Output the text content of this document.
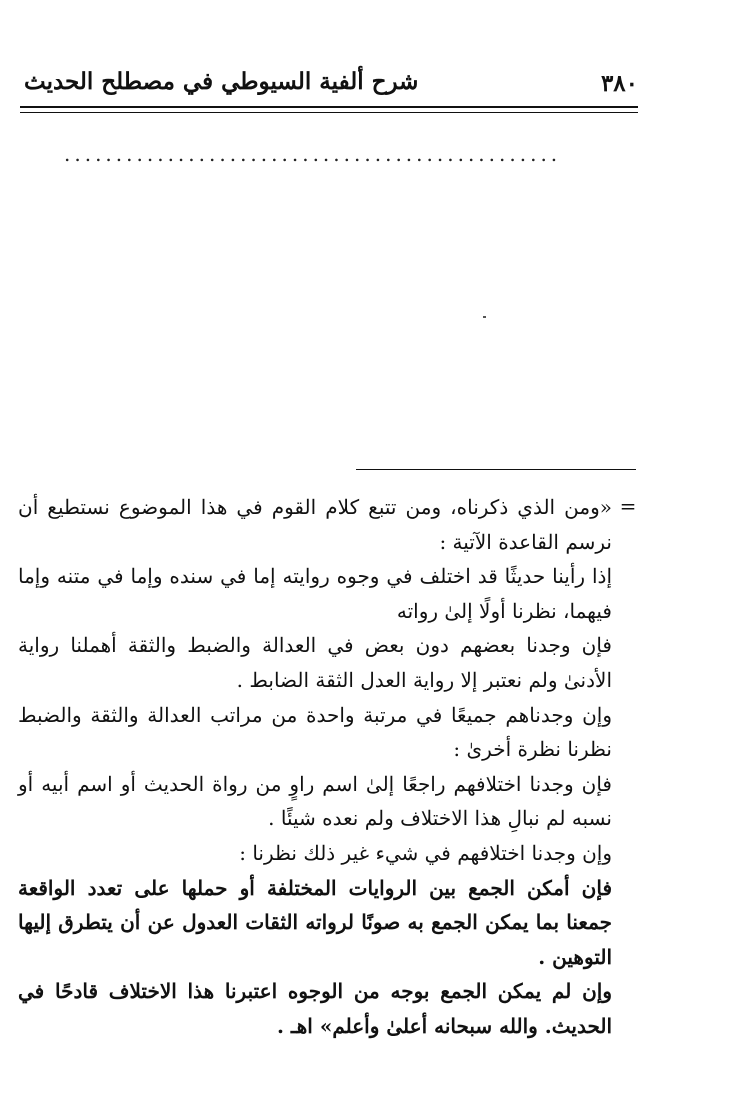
٣٨٠
شرح ألفية السيوطي في مصطلح الحديث
................................................
=

«ومن الذي ذكرناه، ومن تتبع كلام القوم في هذا الموضوع نستطيع أن نرسم القاعدة الآتية :

إذا رأينا حديثًا قد اختلف في وجوه روايته إما في سنده وإما في متنه وإما فيهما، نظرنا أولًا إلىٰ رواته

فإن وجدنا بعضهم دون بعض في العدالة والضبط والثقة أهملنا رواية الأدنىٰ ولم نعتبر إلا رواية العدل الثقة الضابط .

وإن وجدناهم جميعًا في مرتبة واحدة من مراتب العدالة والثقة والضبط نظرنا نظرة أخرىٰ :

فإن وجدنا اختلافهم راجعًا إلىٰ اسم راوٍ من رواة الحديث أو اسم أبيه أو نسبه لم نبالِ هذا الاختلاف ولم نعده شيئًا .

وإن وجدنا اختلافهم في شيء غير ذلك نظرنا :

فإن أمكن الجمع بين الروايات المختلفة أو حملها على تعدد الواقعة جمعنا بما يمكن الجمع به صونًا لرواته الثقات العدول عن أن يتطرق إليها التوهين .

وإن لم يمكن الجمع بوجه من الوجوه اعتبرنا هذا الاختلاف قادحًا في الحديث. والله سبحانه أعلىٰ وأعلم» اهـ .
